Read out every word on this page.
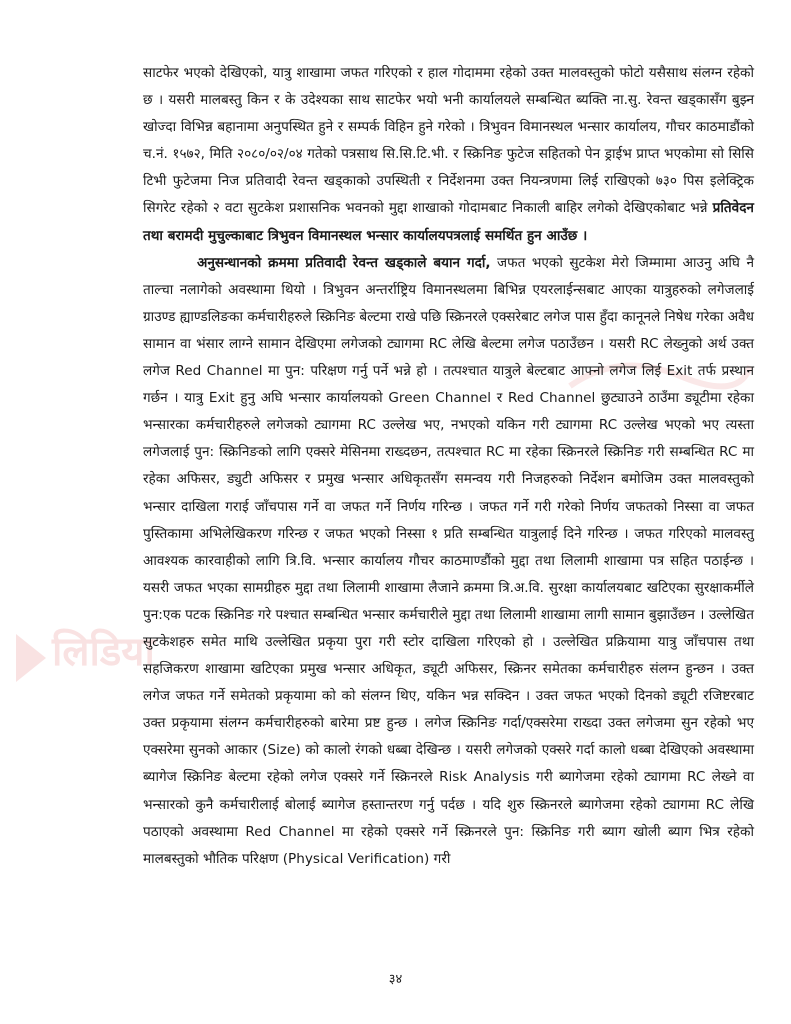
लिडिया

साटफेर भएको देखिएको, यात्रु शाखामा जफत गरिएको र हाल गोदाममा रहेको उक्त मालवस्तुको फोटो यसैसाथ संलग्न रहेको छ । यसरी मालबस्तु किन र के उदेश्यका साथ साटफेर भयो भनी कार्यालयले सम्बन्धित ब्यक्ति ना.सु. रेवन्त खड्कासँग बुझ्न खोज्दा विभिन्न बहानामा अनुपस्थित हुने र सम्पर्क विहिन हुने गरेको । त्रिभुवन विमानस्थल भन्सार कार्यालय, गौचर काठमाडौंको च.नं. १५७२, मिति २०८०/०२/०४ गतेको पत्रसाथ सि.सि.टि.भी. र स्क्रिनिङ फुटेज सहितको पेन ड्राईभ प्राप्त भएकोमा सो सिसि टिभी फुटेजमा निज प्रतिवादी रेवन्त खड्काको उपस्थिती र निर्देशनमा उक्त नियन्त्रणमा लिई राखिएको ७३० पिस इलेक्ट्रिक सिगरेट रहेको २ वटा सुटकेश प्रशासनिक भवनको मुद्दा शाखाको गोदामबाट निकाली बाहिर लगेको देखिएकोबाट भन्ने प्रतिवेदन तथा बरामदी मुचुल्काबाट त्रिभुवन विमानस्थल भन्सार कार्यालयपत्रलाई समर्थित हुन आउँछ ।

अनुसन्धानको क्रममा प्रतिवादी रेवन्त खड्काले बयान गर्दा, जफत भएको सुटकेश मेरो जिम्मामा आउनु अघि नै ताल्चा नलागेको अवस्थामा थियो । त्रिभुवन अन्तर्राष्ट्रिय विमानस्थलमा बिभिन्न एयरलाईन्सबाट आएका यात्रुहरुको लगेजलाई ग्राउण्ड ह्याण्डलिङका कर्मचारीहरुले स्क्रिनिङ बेल्टमा राखे पछि स्क्रिनरले एक्सरेबाट लगेज पास हुँदा कानूनले निषेध गरेका अवैध सामान वा भंसार लाग्ने सामान देखिएमा लगेजको ट्यागमा RC लेखि बेल्टमा लगेज पठाउँछन । यसरी RC लेख्नुको अर्थ उक्त लगेज Red Channel मा पुन: परिक्षण गर्नु पर्ने भन्ने हो । तत्पश्चात यात्रुले बेल्टबाट आफ्नो लगेज लिई Exit तर्फ प्रस्थान गर्छन । यात्रु Exit हुनु अघि भन्सार कार्यालयको Green Channel र Red Channel छुट्याउने ठाउँमा ड्यूटीमा रहेका भन्सारका कर्मचारीहरुले लगेजको ट्यागमा RC उल्लेख भए, नभएको यकिन गरी ट्यागमा RC उल्लेख भएको भए त्यस्ता लगेजलाई पुन: स्क्रिनिङको लागि एक्सरे मेसिनमा राख्दछन, तत्पश्चात RC मा रहेका स्क्रिनरले स्क्रिनिङ गरी सम्बन्धित RC मा रहेका अफिसर, ड्युटी अफिसर र प्रमुख भन्सार अधिकृतसँग समन्वय गरी निजहरुको निर्देशन बमोजिम उक्त मालवस्तुको भन्सार दाखिला गराई जाँचपास गर्ने वा जफत गर्ने निर्णय गरिन्छ । जफत गर्ने गरी गरेको निर्णय जफतको निस्सा वा जफत पुस्तिकामा अभिलेखिकरण गरिन्छ र जफत भएको निस्सा १ प्रति सम्बन्धित यात्रुलाई दिने गरिन्छ । जफत गरिएको मालवस्तु आवश्यक कारवाहीको लागि त्रि.वि. भन्सार कार्यालय गौचर काठमाण्डौंको मुद्दा तथा लिलामी शाखामा पत्र सहित पठाईन्छ । यसरी जफत भएका सामग्रीहरु मुद्दा तथा लिलामी शाखामा लैजाने क्रममा त्रि.अ.वि. सुरक्षा कार्यालयबाट खटिएका सुरक्षाकर्मीले पुन:एक पटक स्क्रिनिङ गरे पश्चात सम्बन्धित भन्सार कर्मचारीले मुद्दा तथा लिलामी शाखामा लागी सामान बुझाउँछन । उल्लेखित सुटकेशहरु समेत माथि उल्लेखित प्रकृया पुरा गरी स्टोर दाखिला गरिएको हो । उल्लेखित प्रक्रियामा यात्रु जाँचपास तथा सहजिकरण शाखामा खटिएका प्रमुख भन्सार अधिकृत, ड्यूटी अफिसर, स्क्रिनर समेतका कर्मचारीहरु संलग्न हुन्छन । उक्त लगेज जफत गर्ने समेतको प्रकृयामा को को संलग्न थिए, यकिन भन्न सक्दिन । उक्त जफत भएको दिनको ड्यूटी रजिष्टरबाट उक्त प्रकृयामा संलग्न कर्मचारीहरुको बारेमा प्रष्ट हुन्छ । लगेज स्क्रिनिङ गर्दा/एक्सरेमा राख्दा उक्त लगेजमा सुन रहेको भए एक्सरेमा सुनको आकार (Size) को कालो रंगको धब्बा देखिन्छ । यसरी लगेजको एक्सरे गर्दा कालो धब्बा देखिएको अवस्थामा ब्यागेज स्क्रिनिङ बेल्टमा रहेको लगेज एक्सरे गर्ने स्क्रिनरले Risk Analysis गरी ब्यागेजमा रहेको ट्यागमा RC लेख्ने वा भन्सारको कुनै कर्मचारीलाई बोलाई ब्यागेज हस्तान्तरण गर्नु पर्दछ । यदि शुरु स्क्रिनरले ब्यागेजमा रहेको ट्यागमा RC लेखि पठाएको अवस्थामा Red Channel मा रहेको एक्सरे गर्ने स्क्रिनरले पुन: स्क्रिनिङ गरी ब्याग खोली ब्याग भित्र रहेको मालबस्तुको भौतिक परिक्षण (Physical Verification) गरी

३४
